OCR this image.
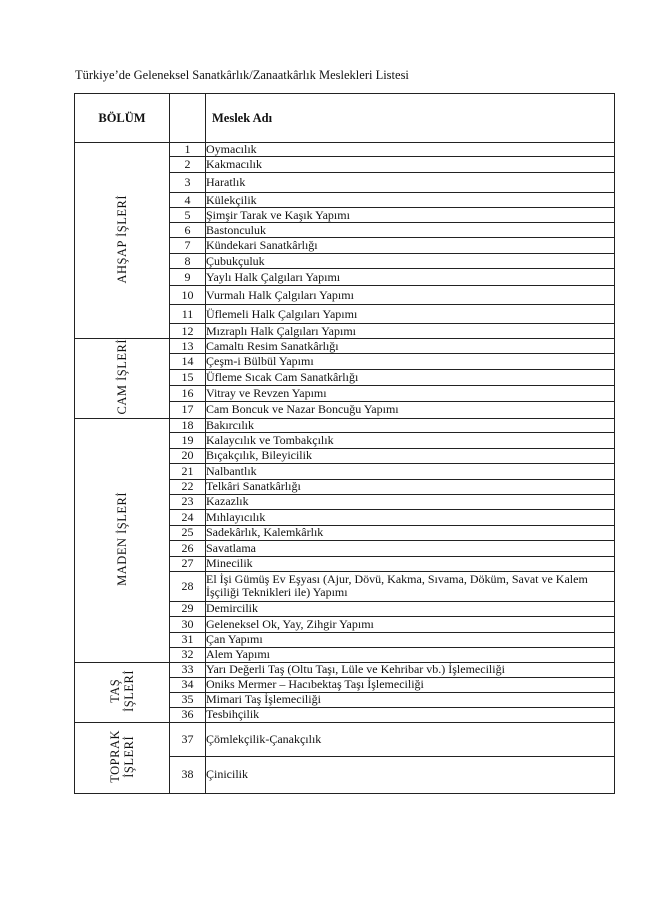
Türkiye’de Geleneksel Sanatkârlık/Zanaatkârlık Meslekleri Listesi
BÖLÜM		Meslek Adı

AHŞAP İŞLERİ	1	Oymacılık
	2	Kakmacılık
	3	Haratlık
	4	Külekçilik
	5	Şimşir Tarak ve Kaşık Yapımı
	6	Bastonculuk
	7	Kündekari Sanatkârlığı
	8	Çubukçuluk
	9	Yaylı Halk Çalgıları Yapımı
	10	Vurmalı Halk Çalgıları Yapımı
	11	Üflemeli Halk Çalgıları Yapımı
	12	Mızraplı Halk Çalgıları Yapımı

CAM İŞLERİ	13	Camaltı Resim Sanatkârlığı
	14	Çeşm-i Bülbül Yapımı
	15	Üfleme Sıcak Cam Sanatkârlığı
	16	Vitray ve Revzen Yapımı
	17	Cam Boncuk ve Nazar Boncuğu Yapımı

MADEN İŞLERİ	18	Bakırcılık
	19	Kalaycılık ve Tombakçılık
	20	Bıçakçılık, Bileyicilik
	21	Nalbantlık
	22	Telkâri Sanatkârlığı
	23	Kazazlık
	24	Mıhlayıcılık
	25	Sadekârlık, Kalemkârlık
	26	Savatlama
	27	Minecilik
	28	El İşi Gümüş Ev Eşyası (Ajur, Dövü, Kakma, Sıvama, Döküm, Savat ve Kalem İşçiliği Teknikleri ile) Yapımı
	29	Demircilik
	30	Geleneksel Ok, Yay, Zihgir Yapımı
	31	Çan Yapımı
	32	Alem Yapımı

TAŞ İŞLERİ	33	Yarı Değerli Taş (Oltu Taşı, Lüle ve Kehribar vb.) İşlemeciliği
	34	Oniks Mermer – Hacıbektaş Taşı İşlemeciliği
	35	Mimari Taş İşlemeciliği
	36	Tesbihçilik

TOPRAK İŞLERİ	37	Çömlekçilik-Çanakçılık
	38	Çinicilik
